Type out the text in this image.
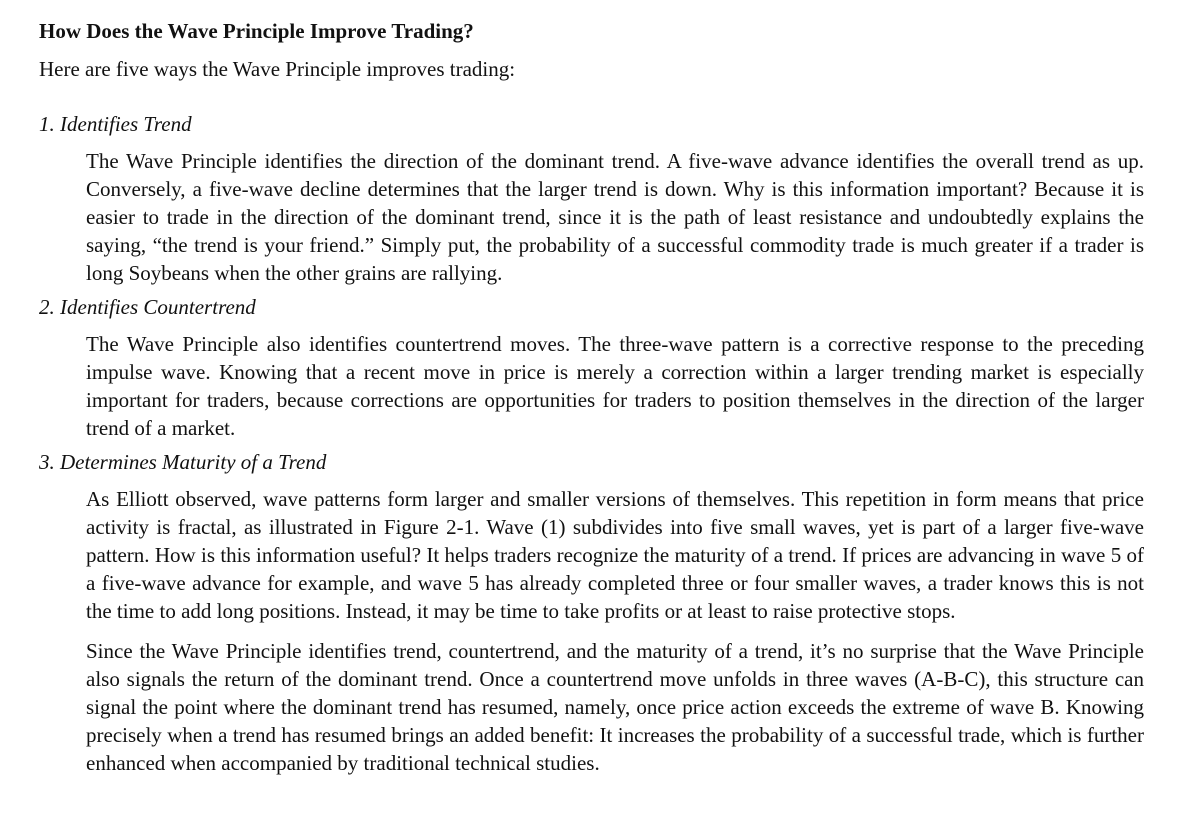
How Does the Wave Principle Improve Trading?

Here are five ways the Wave Principle improves trading:

1. Identifies Trend

The Wave Principle identifies the direction of the dominant trend. A five-wave advance identifies the overall trend as up. Conversely, a five-wave decline determines that the larger trend is down. Why is this information important? Because it is easier to trade in the direction of the dominant trend, since it is the path of least resistance and undoubtedly explains the saying, “the trend is your friend.” Simply put, the probability of a successful commodity trade is much greater if a trader is long Soybeans when the other grains are rallying.

2. Identifies Countertrend

The Wave Principle also identifies countertrend moves. The three-wave pattern is a corrective response to the preceding impulse wave. Knowing that a recent move in price is merely a correction within a larger trending market is especially important for traders, because corrections are opportunities for traders to position themselves in the direction of the larger trend of a market.

3. Determines Maturity of a Trend

As Elliott observed, wave patterns form larger and smaller versions of themselves. This repetition in form means that price activity is fractal, as illustrated in Figure 2-1. Wave (1) subdivides into five small waves, yet is part of a larger five-wave pattern. How is this information useful? It helps traders recognize the maturity of a trend. If prices are advancing in wave 5 of a five-wave advance for example, and wave 5 has already completed three or four smaller waves, a trader knows this is not the time to add long positions. Instead, it may be time to take profits or at least to raise protective stops.

Since the Wave Principle identifies trend, countertrend, and the maturity of a trend, it’s no surprise that the Wave Principle also signals the return of the dominant trend. Once a countertrend move unfolds in three waves (A-B-C), this structure can signal the point where the dominant trend has resumed, namely, once price action exceeds the extreme of wave B. Knowing precisely when a trend has resumed brings an added benefit: It increases the probability of a successful trade, which is further enhanced when accompanied by traditional technical studies.
